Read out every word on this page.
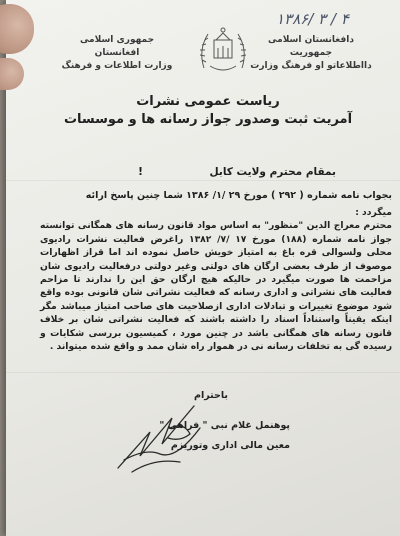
۱۳۸۶/ ۳ / ۴
دافغانستان اسلامی جمهوریت
دااطلاعاتو او فرهنگ وزارت
جمهوری اسلامی افغانستان
وزارت اطلاعات و فرهنگ
ریاست عمومی نشرات
آمریت ثبت وصدور جواز رسانه ها و موسسات
!	بمقام محترم ولایت کابل
بجواب نامه شماره ( ۲۹۲ ) مورخ ۲۹ /۱/ ۱۳۸۶ شما چنین پاسخ ارائه
میگردد :
محترم معراج الدین "منظور" به اساس مواد قانون رسانه های همگانی توانسته جواز نامه شماره (۱۸۸) مورخ ۱۷ /۷/ ۱۳۸۲ راغرض فعالیت نشرات رادیوی محلی ولسوالی قره باغ به امتیاز خویش حاصل نموده اند اما قراز اظهارات موصوف از طرف بعضی ارگان های دولتی وغیر دولتی درفعالیت رادیوی شان مزاحمت ها صورت میگیرد در حالیکه هیچ ارگان حق این را ندارند تا مزاحم فعالیت های نشراتی و اداری رسانه که فعالیت نشراتی شان قانونی بوده واقع شود موضوع تغییرات و تبادلات اداری ازصلاحیت های صاحب امتیاز میباشد مگر اینکه یقیناً واستناداً اسناد را داشته باشند که فعالیت نشراتی شان بر خلاف قانون رسانه های همگانی باشد در چنین مورد ، کمیسیون بررسی شکایات و رسیده گی به تخلفات رسانه نی در هموار راه شان ممد و واقع شده میتواند .
باحترام
پوهنمل غلام نبی " فراهی "
معین مالی اداری وتوریزم
